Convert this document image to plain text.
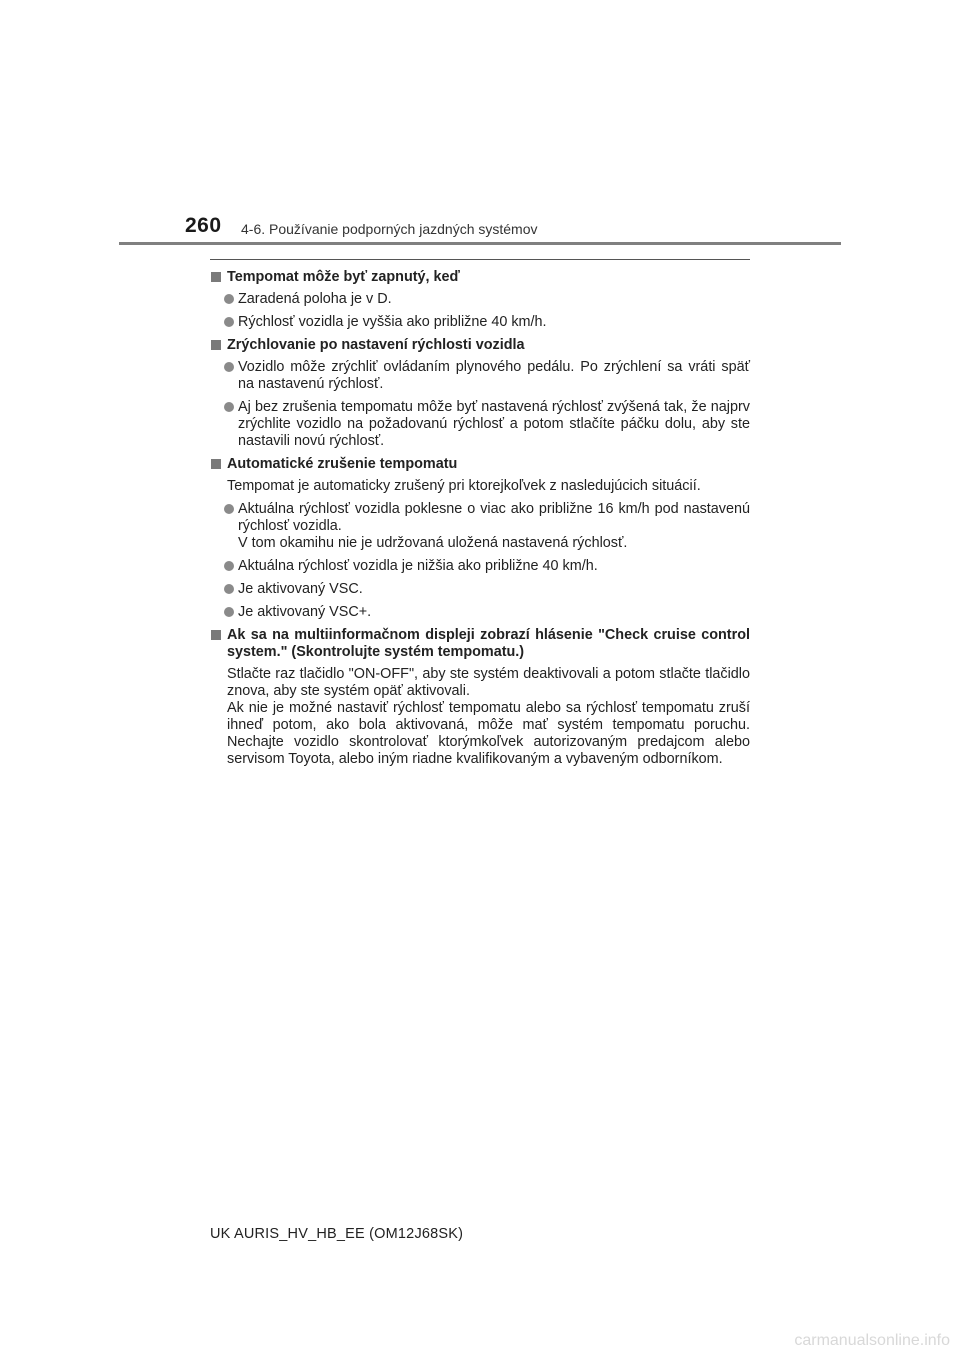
260 4-6. Používanie podporných jazdných systémov
Tempomat môže byť zapnutý, keď
Zaradená poloha je v D.
Rýchlosť vozidla je vyššia ako približne 40 km/h.
Zrýchlovanie po nastavení rýchlosti vozidla
Vozidlo môže zrýchliť ovládaním plynového pedálu. Po zrýchlení sa vráti späť na nastavenú rýchlosť.
Aj bez zrušenia tempomatu môže byť nastavená rýchlosť zvýšená tak, že najprv zrýchlite vozidlo na požadovanú rýchlosť a potom stlačíte páčku dolu, aby ste nastavili novú rýchlosť.
Automatické zrušenie tempomatu
Tempomat je automaticky zrušený pri ktorejkoľvek z nasledujúcich situácií.
Aktuálna rýchlosť vozidla poklesne o viac ako približne 16 km/h pod nastavenú rýchlosť vozidla.
V tom okamihu nie je udržovaná uložená nastavená rýchlosť.
Aktuálna rýchlosť vozidla je nižšia ako približne 40 km/h.
Je aktivovaný VSC.
Je aktivovaný VSC+.
Ak sa na multiinformačnom displeji zobrazí hlásenie "Check cruise control system." (Skontrolujte systém tempomatu.)
Stlačte raz tlačidlo "ON-OFF", aby ste systém deaktivovali a potom stlačte tlačidlo znova, aby ste systém opäť aktivovali.
Ak nie je možné nastaviť rýchlosť tempomatu alebo sa rýchlosť tempomatu zruší ihneď potom, ako bola aktivovaná, môže mať systém tempomatu poruchu. Nechajte vozidlo skontrolovať ktorýmkoľvek autorizovaným predajcom alebo servisom Toyota, alebo iným riadne kvalifikovaným a vybaveným odborníkom.
UK AURIS_HV_HB_EE (OM12J68SK)
carmanualsonline.info
